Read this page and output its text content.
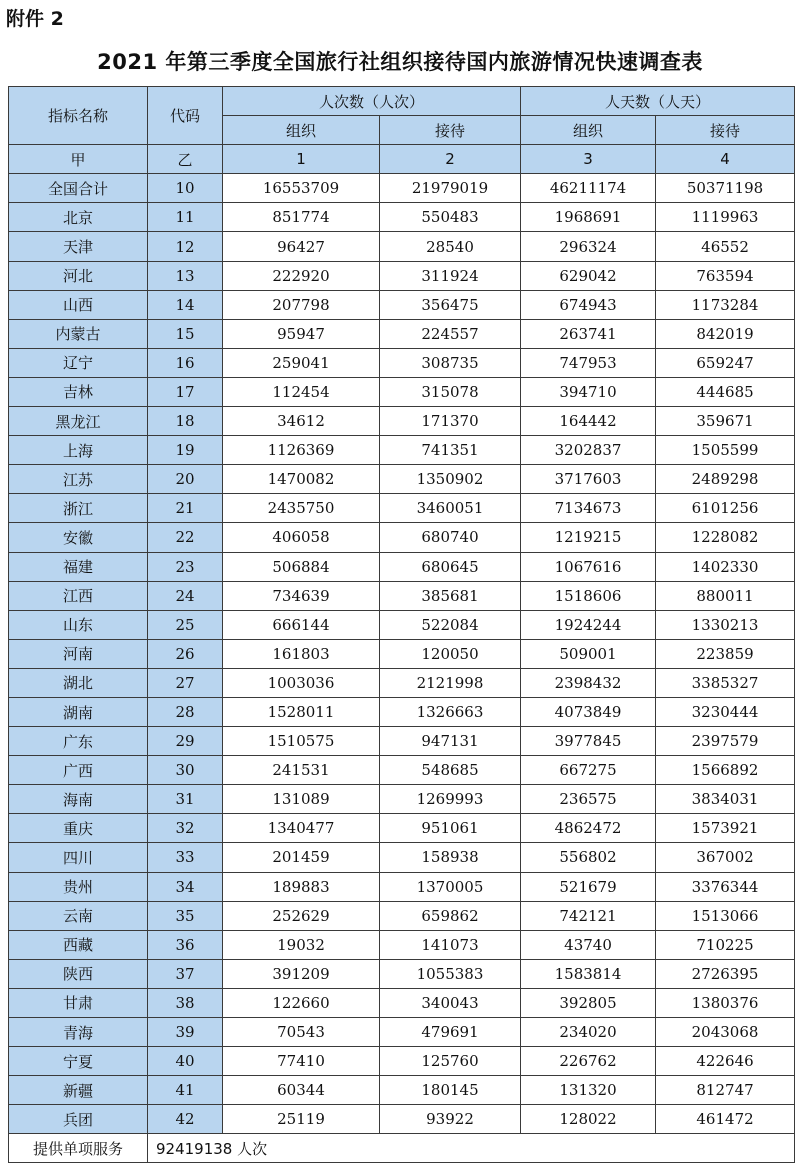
附件 2
2021 年第三季度全国旅行社组织接待国内旅游情况快速调查表
指标名称	代码	人次数（人次）		人天数（人天）	
		组织	接待	组织	接待
甲	乙	1	2	3	4
全国合计	10	16553709	21979019	46211174	50371198
北京	11	851774	550483	1968691	1119963
天津	12	96427	28540	296324	46552
河北	13	222920	311924	629042	763594
山西	14	207798	356475	674943	1173284
内蒙古	15	95947	224557	263741	842019
辽宁	16	259041	308735	747953	659247
吉林	17	112454	315078	394710	444685
黑龙江	18	34612	171370	164442	359671
上海	19	1126369	741351	3202837	1505599
江苏	20	1470082	1350902	3717603	2489298
浙江	21	2435750	3460051	7134673	6101256
安徽	22	406058	680740	1219215	1228082
福建	23	506884	680645	1067616	1402330
江西	24	734639	385681	1518606	880011
山东	25	666144	522084	1924244	1330213
河南	26	161803	120050	509001	223859
湖北	27	1003036	2121998	2398432	3385327
湖南	28	1528011	1326663	4073849	3230444
广东	29	1510575	947131	3977845	2397579
广西	30	241531	548685	667275	1566892
海南	31	131089	1269993	236575	3834031
重庆	32	1340477	951061	4862472	1573921
四川	33	201459	158938	556802	367002
贵州	34	189883	1370005	521679	3376344
云南	35	252629	659862	742121	1513066
西藏	36	19032	141073	43740	710225
陕西	37	391209	1055383	1583814	2726395
甘肃	38	122660	340043	392805	1380376
青海	39	70543	479691	234020	2043068
宁夏	40	77410	125760	226762	422646
新疆	41	60344	180145	131320	812747
兵团	42	25119	93922	128022	461472
提供单项服务	92419138 人次				
